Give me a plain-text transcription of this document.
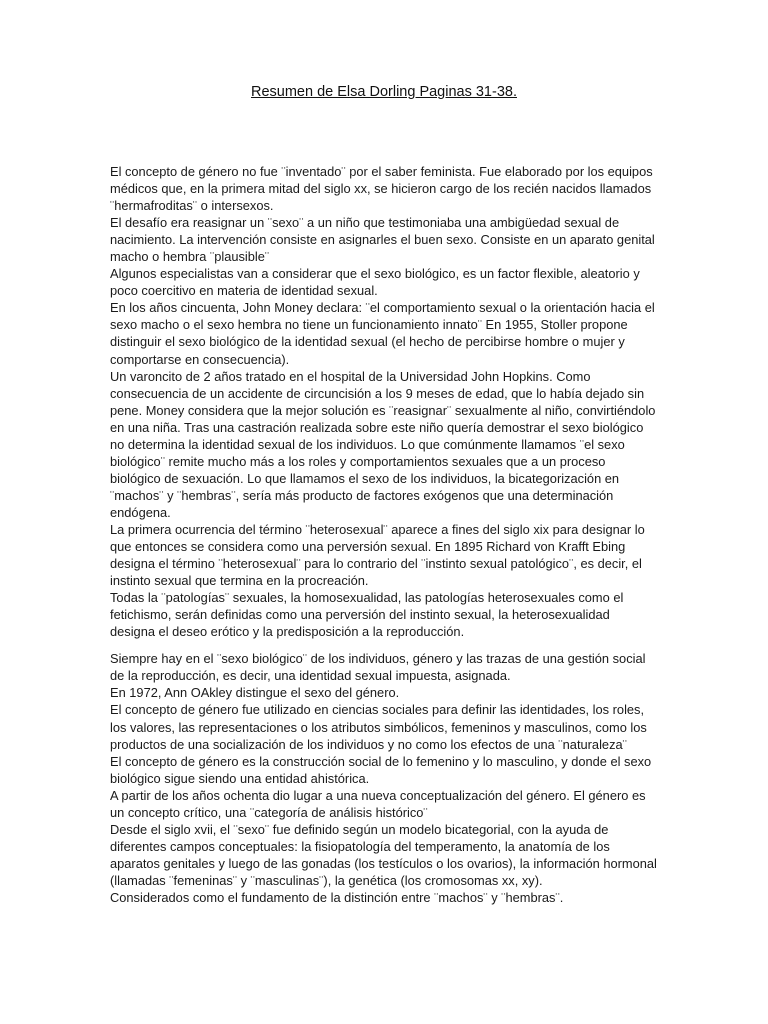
Resumen de Elsa Dorling Paginas 31-38.

El concepto de género no fue ¨inventado¨ por el saber feminista. Fue elaborado por los equipos médicos que, en la primera mitad del siglo xx, se hicieron cargo de los recién nacidos llamados ¨hermafroditas¨ o intersexos.

El desafío era reasignar un ¨sexo¨ a un niño que testimoniaba una ambigüedad sexual de nacimiento. La intervención consiste en asignarles el buen sexo. Consiste en un aparato genital macho o hembra ¨plausible¨

Algunos especialistas van a considerar que el sexo biológico, es un factor flexible, aleatorio y poco coercitivo en materia de identidad sexual.

En los años cincuenta, John Money declara: ¨el comportamiento sexual o la orientación hacia el sexo macho o el sexo hembra no tiene un funcionamiento innato¨ En 1955, Stoller propone distinguir el sexo biológico de la identidad sexual (el hecho de percibirse hombre o mujer y comportarse en consecuencia).

Un varoncito de 2 años tratado en el hospital de la Universidad John Hopkins. Como consecuencia de un accidente de circuncisión a los 9 meses de edad, que lo había dejado sin pene. Money considera que la mejor solución es ¨reasignar¨ sexualmente al niño, convirtiéndolo en una niña. Tras una castración realizada sobre este niño quería demostrar el sexo biológico no determina la identidad sexual de los individuos. Lo que comúnmente llamamos ¨el sexo biológico¨ remite mucho más a los roles y comportamientos sexuales que a un proceso biológico de sexuación. Lo que llamamos el sexo de los individuos, la bicategorización en ¨machos¨ y ¨hembras¨, sería más producto de factores exógenos que una determinación endógena.

La primera ocurrencia del término ¨heterosexual¨ aparece a fines del siglo xix para designar lo que entonces se considera como una perversión sexual. En 1895 Richard von Krafft Ebing designa el término ¨heterosexual¨ para lo contrario del ¨instinto sexual patológico¨, es decir, el instinto sexual que termina en la procreación.

Todas la ¨patologías¨ sexuales, la homosexualidad, las patologías heterosexuales como el fetichismo, serán definidas como una perversión del instinto sexual, la heterosexualidad designa el deseo erótico y la predisposición a la reproducción.

Siempre hay en el ¨sexo biológico¨ de los individuos, género y las trazas de una gestión social de la reproducción, es decir, una identidad sexual impuesta, asignada.

En 1972, Ann OAkley distingue el sexo del género.

El concepto de género fue utilizado en ciencias sociales para definir las identidades, los roles, los valores, las representaciones o los atributos simbólicos, femeninos y masculinos, como los productos de una socialización de los individuos y no como los efectos de una ¨naturaleza¨

El concepto de género es la construcción social de lo femenino y lo masculino, y donde el sexo biológico sigue siendo una entidad ahistórica.

A partir de los años ochenta dio lugar a una nueva conceptualización del género. El género es un concepto crítico, una ¨categoría de análisis histórico¨

Desde el siglo xvii, el ¨sexo¨ fue definido según un modelo bicategorial, con la ayuda de diferentes campos conceptuales: la fisiopatología del temperamento, la anatomía de los aparatos genitales y luego de las gonadas (los testículos o los ovarios), la información hormonal (llamadas ¨femeninas¨ y ¨masculinas¨), la genética (los cromosomas xx, xy).

Considerados como el fundamento de la distinción entre ¨machos¨ y ¨hembras¨.
